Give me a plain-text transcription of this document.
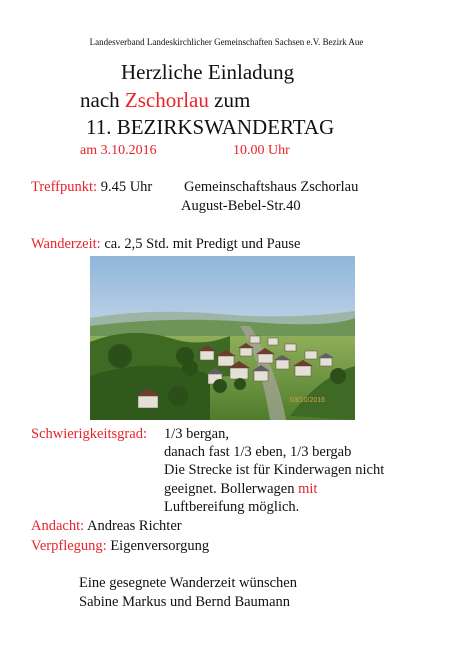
Landesverband Landeskirchlicher Gemeinschaften Sachsen e.V. Bezirk Aue
Herzliche Einladung
nach Zschorlau zum
11. BEZIRKSWANDERTAG
am 3.10.2016	10.00 Uhr
Treffpunkt: 9.45 Uhr Gemeinschaftshaus Zschorlau
August-Bebel-Str.40
Wanderzeit: ca. 2,5 Std. mit Predigt und Pause
03/10/2016
Schwierigkeitsgrad: 1/3 bergan,
danach fast 1/3 eben, 1/3 bergab
Die Strecke ist für Kinderwagen nicht
geeignet. Bollerwagen mit
Luftbereifung möglich.
Andacht: Andreas Richter
Verpflegung: Eigenversorgung
Eine gesegnete Wanderzeit wünschen
Sabine Markus und Bernd Baumann
